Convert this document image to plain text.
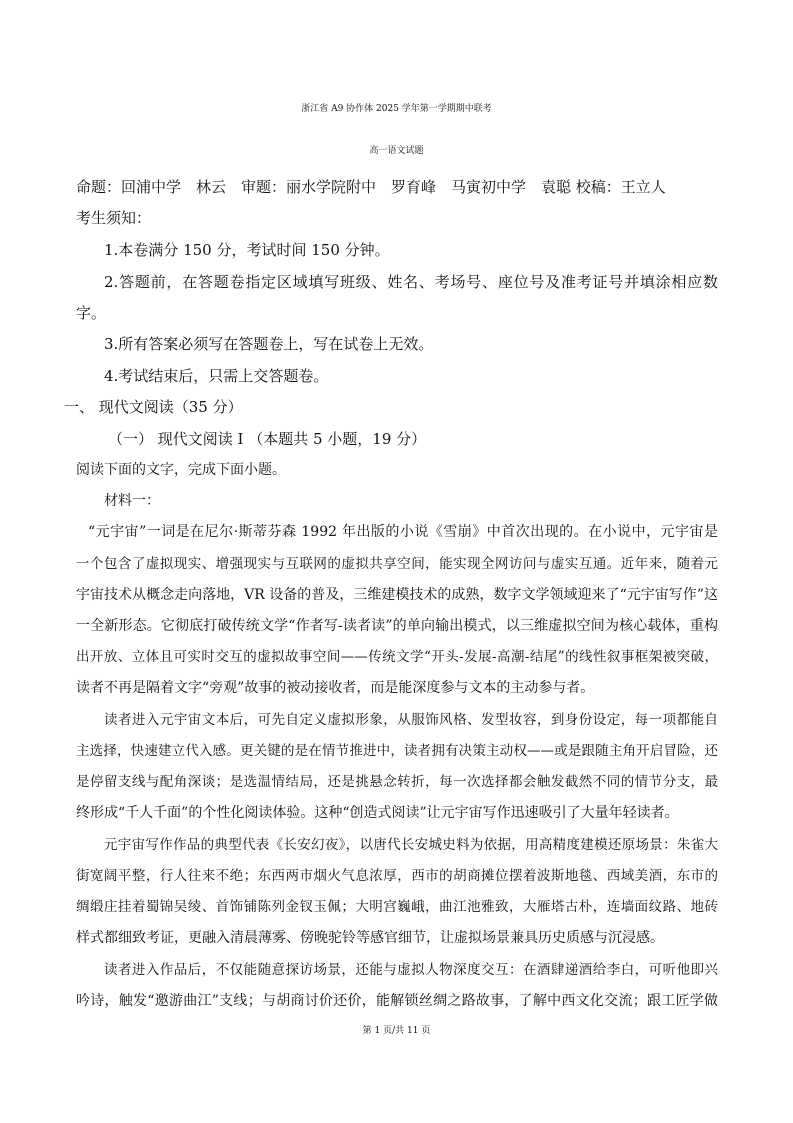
浙江省 A9 协作体 2025 学年第一学期期中联考
高一语文试题
命题：回浦中学　林云　审题：丽水学院附中　罗育峰　马寅初中学　袁聪 校稿：王立人
考生须知：
1.本卷满分 150 分，考试时间 150 分钟。
2.答题前，在答题卷指定区域填写班级、姓名、考场号、座位号及准考证号并填涂相应数
字。
3.所有答案必须写在答题卷上，写在试卷上无效。
4.考试结束后，只需上交答题卷。
一、 现代文阅读（35 分）
（一） 现代文阅读 I （本题共 5 小题，19 分）
阅读下面的文字，完成下面小题。
材料一：
“元宇宙”一词是在尼尔·斯蒂芬森 1992 年出版的小说《雪崩》中首次出现的。在小说中，元宇宙是
一个包含了虚拟现实、增强现实与互联网的虚拟共享空间，能实现全网访问与虚实互通。近年来，随着元
宇宙技术从概念走向落地，VR 设备的普及，三维建模技术的成熟，数字文学领域迎来了“元宇宙写作”这
一全新形态。它彻底打破传统文学“作者写-读者读”的单向输出模式，以三维虚拟空间为核心载体，重构
出开放、立体且可实时交互的虚拟故事空间——传统文学“开头-发展-高潮-结尾”的线性叙事框架被突破，
读者不再是隔着文字“旁观”故事的被动接收者，而是能深度参与文本的主动参与者。
读者进入元宇宙文本后，可先自定义虚拟形象，从服饰风格、发型妆容，到身份设定，每一项都能自
主选择，快速建立代入感。更关键的是在情节推进中，读者拥有决策主动权——或是跟随主角开启冒险，还
是停留支线与配角深谈；是选温情结局，还是挑悬念转折，每一次选择都会触发截然不同的情节分支，最
终形成“千人千面”的个性化阅读体验。这种“创造式阅读”让元宇宙写作迅速吸引了大量年轻读者。
元宇宙写作作品的典型代表《长安幻夜》，以唐代长安城史料为依据，用高精度建模还原场景：朱雀大
街宽阔平整，行人往来不绝；东西两市烟火气息浓厚，西市的胡商摊位摆着波斯地毯、西域美酒，东市的
绸缎庄挂着蜀锦吴绫、首饰铺陈列金钗玉佩；大明宫巍峨，曲江池雅致，大雁塔古朴，连墙面纹路、地砖
样式都细致考证，更融入清晨薄雾、傍晚驼铃等感官细节，让虚拟场景兼具历史质感与沉浸感。
读者进入作品后，不仅能随意探访场景，还能与虚拟人物深度交互：在酒肆递酒给李白，可听他即兴
吟诗，触发“邀游曲江”支线；与胡商讨价还价，能解锁丝绸之路故事，了解中西文化交流；跟工匠学做
第 1 页/共 11 页
